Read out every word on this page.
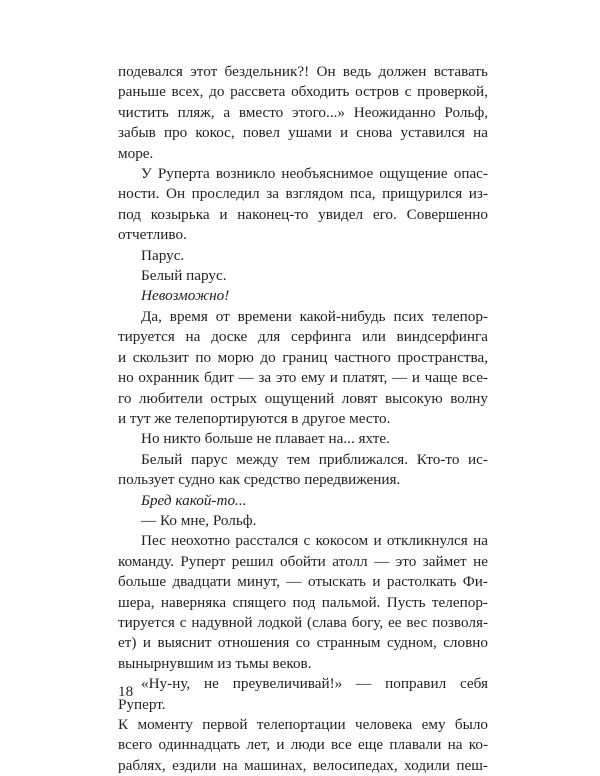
подевался этот бездельник?! Он ведь должен вставать
раньше всех, до рассвета обходить остров с проверкой,
чистить пляж, а вместо этого...» Неожиданно Рольф,
забыв про кокос, повел ушами и снова уставился на
море.
У Руперта возникло необъяснимое ощущение опас-
ности. Он проследил за взглядом пса, прищурился из-
под козырька и наконец-то увидел его. Совершенно
отчетливо.
Парус.
Белый парус.
Невозможно!
Да, время от времени какой-нибудь псих телепор-
тируется на доске для серфинга или виндсерфинга
и скользит по морю до границ частного пространства,
но охранник бдит — за это ему и платят, — и чаще все-
го любители острых ощущений ловят высокую волну
и тут же телепортируются в другое место.
Но никто больше не плавает на... яхте.
Белый парус между тем приближался. Кто-то ис-
пользует судно как средство передвижения.
Бред какой-то...
— Ко мне, Рольф.
Пес неохотно расстался с кокосом и откликнулся на
команду. Руперт решил обойти атолл — это займет не
больше двадцати минут, — отыскать и растолкать Фи-
шера, наверняка спящего под пальмой. Пусть телепор-
тируется с надувной лодкой (слава богу, ее вес позволя-
ет) и выяснит отношения со странным судном, словно
вынырнувшим из тьмы веков.
«Ну-ну, не преувеличивай!» — поправил себя Руперт.
К моменту первой телепортации человека ему было
всего одиннадцать лет, и люди все еще плавали на ко-
раблях, ездили на машинах, велосипедах, ходили пеш-
18
